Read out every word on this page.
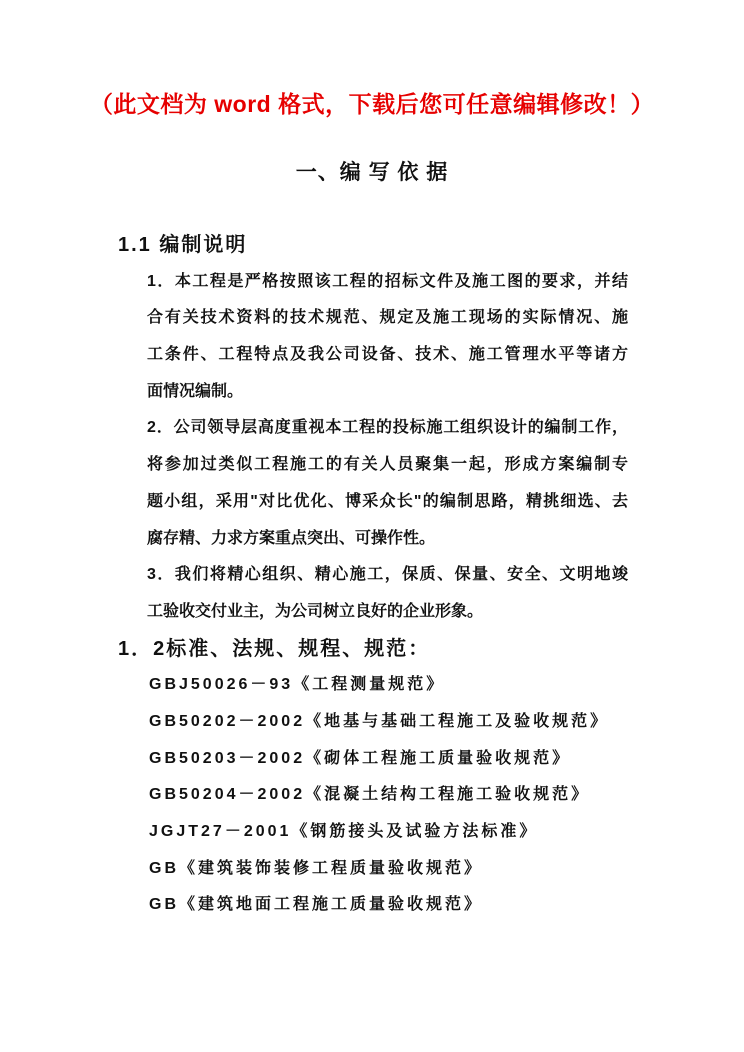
（此文档为 word 格式，下载后您可任意编辑修改！）
一、编 写 依 据
1.1 编制说明
1．本工程是严格按照该工程的招标文件及施工图的要求，并结
合有关技术资料的技术规范、规定及施工现场的实际情况、施
工条件、工程特点及我公司设备、技术、施工管理水平等诸方
面情况编制。
2．公司领导层高度重视本工程的投标施工组织设计的编制工作，
将参加过类似工程施工的有关人员聚集一起，形成方案编制专
题小组，采用"对比优化、博采众长"的编制思路，精挑细选、去
腐存精、力求方案重点突出、可操作性。
3．我们将精心组织、精心施工，保质、保量、安全、文明地竣
工验收交付业主，为公司树立良好的企业形象。
1．2标准、法规、规程、规范：
GBJ50026－93《工程测量规范》
GB50202－2002《地基与基础工程施工及验收规范》
GB50203－2002《砌体工程施工质量验收规范》
GB50204－2002《混凝土结构工程施工验收规范》
JGJT27－2001《钢筋接头及试验方法标准》
GB《建筑装饰装修工程质量验收规范》
GB《建筑地面工程施工质量验收规范》
